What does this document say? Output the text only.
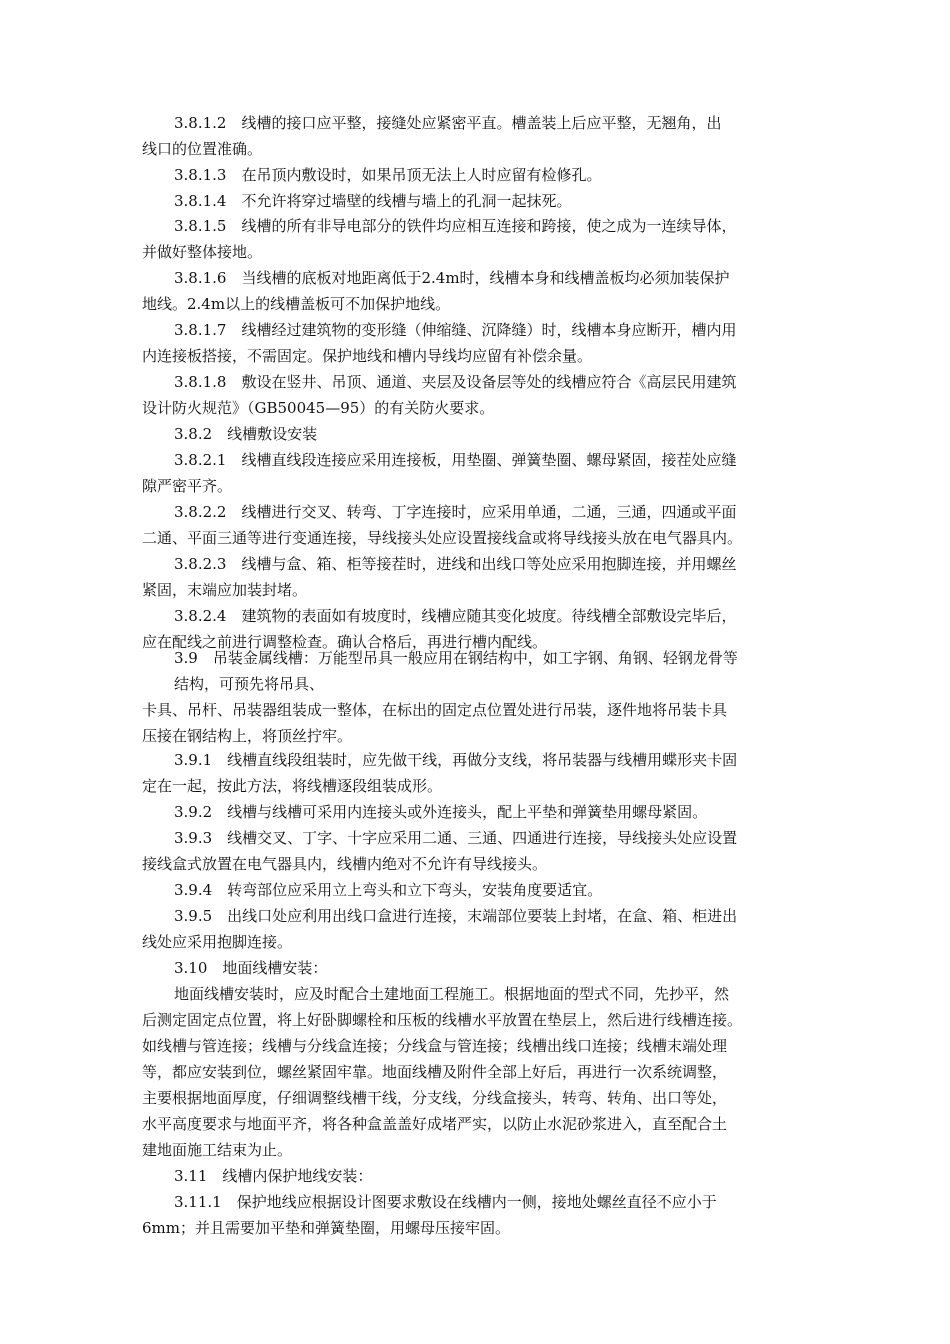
3.8.1.2　线槽的接口应平整，接缝处应紧密平直。槽盖装上后应平整，无翘角，出
线口的位置准确。
3.8.1.3　在吊顶内敷设时，如果吊顶无法上人时应留有检修孔。
3.8.1.4　不允许将穿过墙壁的线槽与墙上的孔洞一起抹死。
3.8.1.5　线槽的所有非导电部分的铁件均应相互连接和跨接，使之成为一连续导体，
并做好整体接地。
3.8.1.6　当线槽的底板对地距离低于2.4m时，线槽本身和线槽盖板均必须加装保护
地线。2.4m以上的线槽盖板可不加保护地线。
3.8.1.7　线槽经过建筑物的变形缝（伸缩缝、沉降缝）时，线槽本身应断开，槽内用
内连接板搭接，不需固定。保护地线和槽内导线均应留有补偿余量。
3.8.1.8　敷设在竖井、吊顶、通道、夹层及设备层等处的线槽应符合《高层民用建筑
设计防火规范》（GB50045—95）的有关防火要求。
3.8.2　线槽敷设安装
3.8.2.1　线槽直线段连接应采用连接板，用垫圈、弹簧垫圈、螺母紧固，接茬处应缝
隙严密平齐。
3.8.2.2　线槽进行交叉、转弯、丁字连接时，应采用单通，二通，三通，四通或平面
二通、平面三通等进行变通连接，导线接头处应设置接线盒或将导线接头放在电气器具内。
3.8.2.3　线槽与盒、箱、柜等接茬时，进线和出线口等处应采用抱脚连接，并用螺丝
紧固，末端应加装封堵。
3.8.2.4　建筑物的表面如有坡度时，线槽应随其变化坡度。待线槽全部敷设完毕后，
应在配线之前进行调整检查。确认合格后，再进行槽内配线。
3.9　吊装金属线槽：万能型吊具一般应用在钢结构中，如工字钢、角钢、轻钢龙骨等
结构，可预先将吊具、
卡具、吊杆、吊装器组装成一整体，在标出的固定点位置处进行吊装，逐件地将吊装卡具
压接在钢结构上，将顶丝拧牢。
3.9.1　线槽直线段组装时，应先做干线，再做分支线，将吊装器与线槽用蝶形夹卡固
定在一起，按此方法，将线槽逐段组装成形。
3.9.2　线槽与线槽可采用内连接头或外连接头，配上平垫和弹簧垫用螺母紧固。
3.9.3　线槽交叉、丁字、十字应采用二通、三通、四通进行连接，导线接头处应设置
接线盒式放置在电气器具内，线槽内绝对不允许有导线接头。
3.9.4　转弯部位应采用立上弯头和立下弯头，安装角度要适宜。
3.9.5　出线口处应利用出线口盒进行连接，末端部位要装上封堵，在盒、箱、柜进出
线处应采用抱脚连接。
3.10　地面线槽安装：
地面线槽安装时，应及时配合土建地面工程施工。根据地面的型式不同，先抄平，然
后测定固定点位置，将上好卧脚螺栓和压板的线槽水平放置在垫层上，然后进行线槽连接。
如线槽与管连接；线槽与分线盒连接；分线盒与管连接；线槽出线口连接；线槽末端处理
等，都应安装到位，螺丝紧固牢靠。地面线槽及附件全部上好后，再进行一次系统调整，
主要根据地面厚度，仔细调整线槽干线，分支线，分线盒接头，转弯、转角、出口等处，
水平高度要求与地面平齐，将各种盒盖盖好成堵严实，以防止水泥砂浆进入，直至配合土
建地面施工结束为止。
3.11　线槽内保护地线安装：
3.11.1　保护地线应根据设计图要求敷设在线槽内一侧，接地处螺丝直径不应小于
6mm；并且需要加平垫和弹簧垫圈，用螺母压接牢固。
